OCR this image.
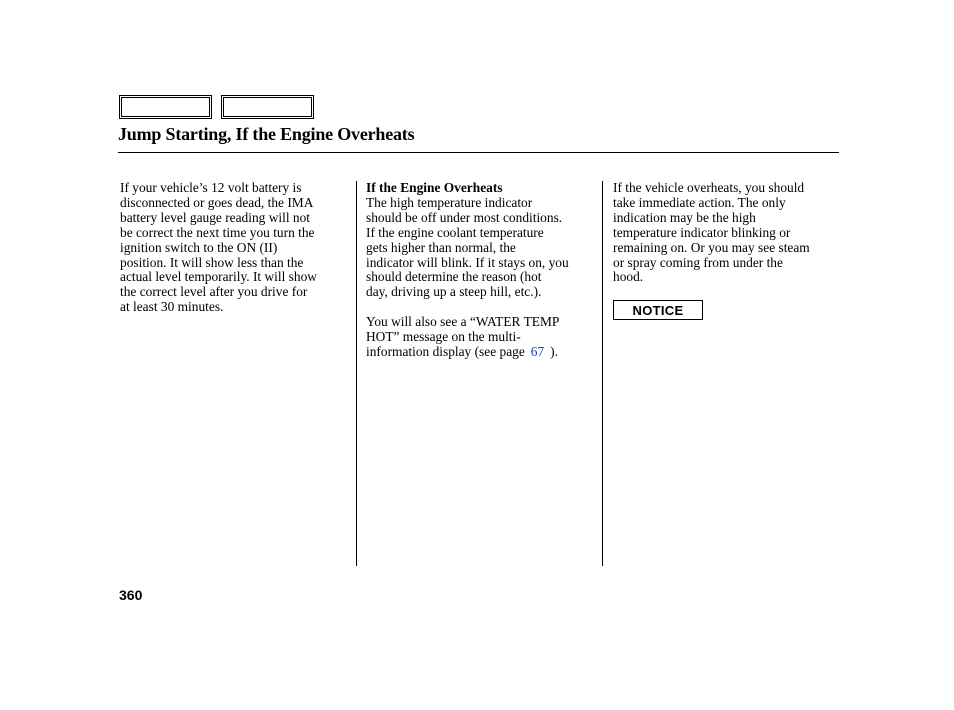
Jump Starting, If the Engine Overheats

If your vehicle’s 12 volt battery is
disconnected or goes dead, the IMA
battery level gauge reading will not
be correct the next time you turn the
ignition switch to the ON (II)
position. It will show less than the
actual level temporarily. It will show
the correct level after you drive for
at least 30 minutes.

If the Engine Overheats

The high temperature indicator
should be off under most conditions.
If the engine coolant temperature
gets higher than normal, the
indicator will blink. If it stays on, you
should determine the reason (hot
day, driving up a steep hill, etc.).

You will also see a “WATER TEMP
HOT” message on the multi-
information display (see page 67 ).

If the vehicle overheats, you should
take immediate action. The only
indication may be the high
temperature indicator blinking or
remaining on. Or you may see steam
or spray coming from under the
hood.

NOTICE
360
